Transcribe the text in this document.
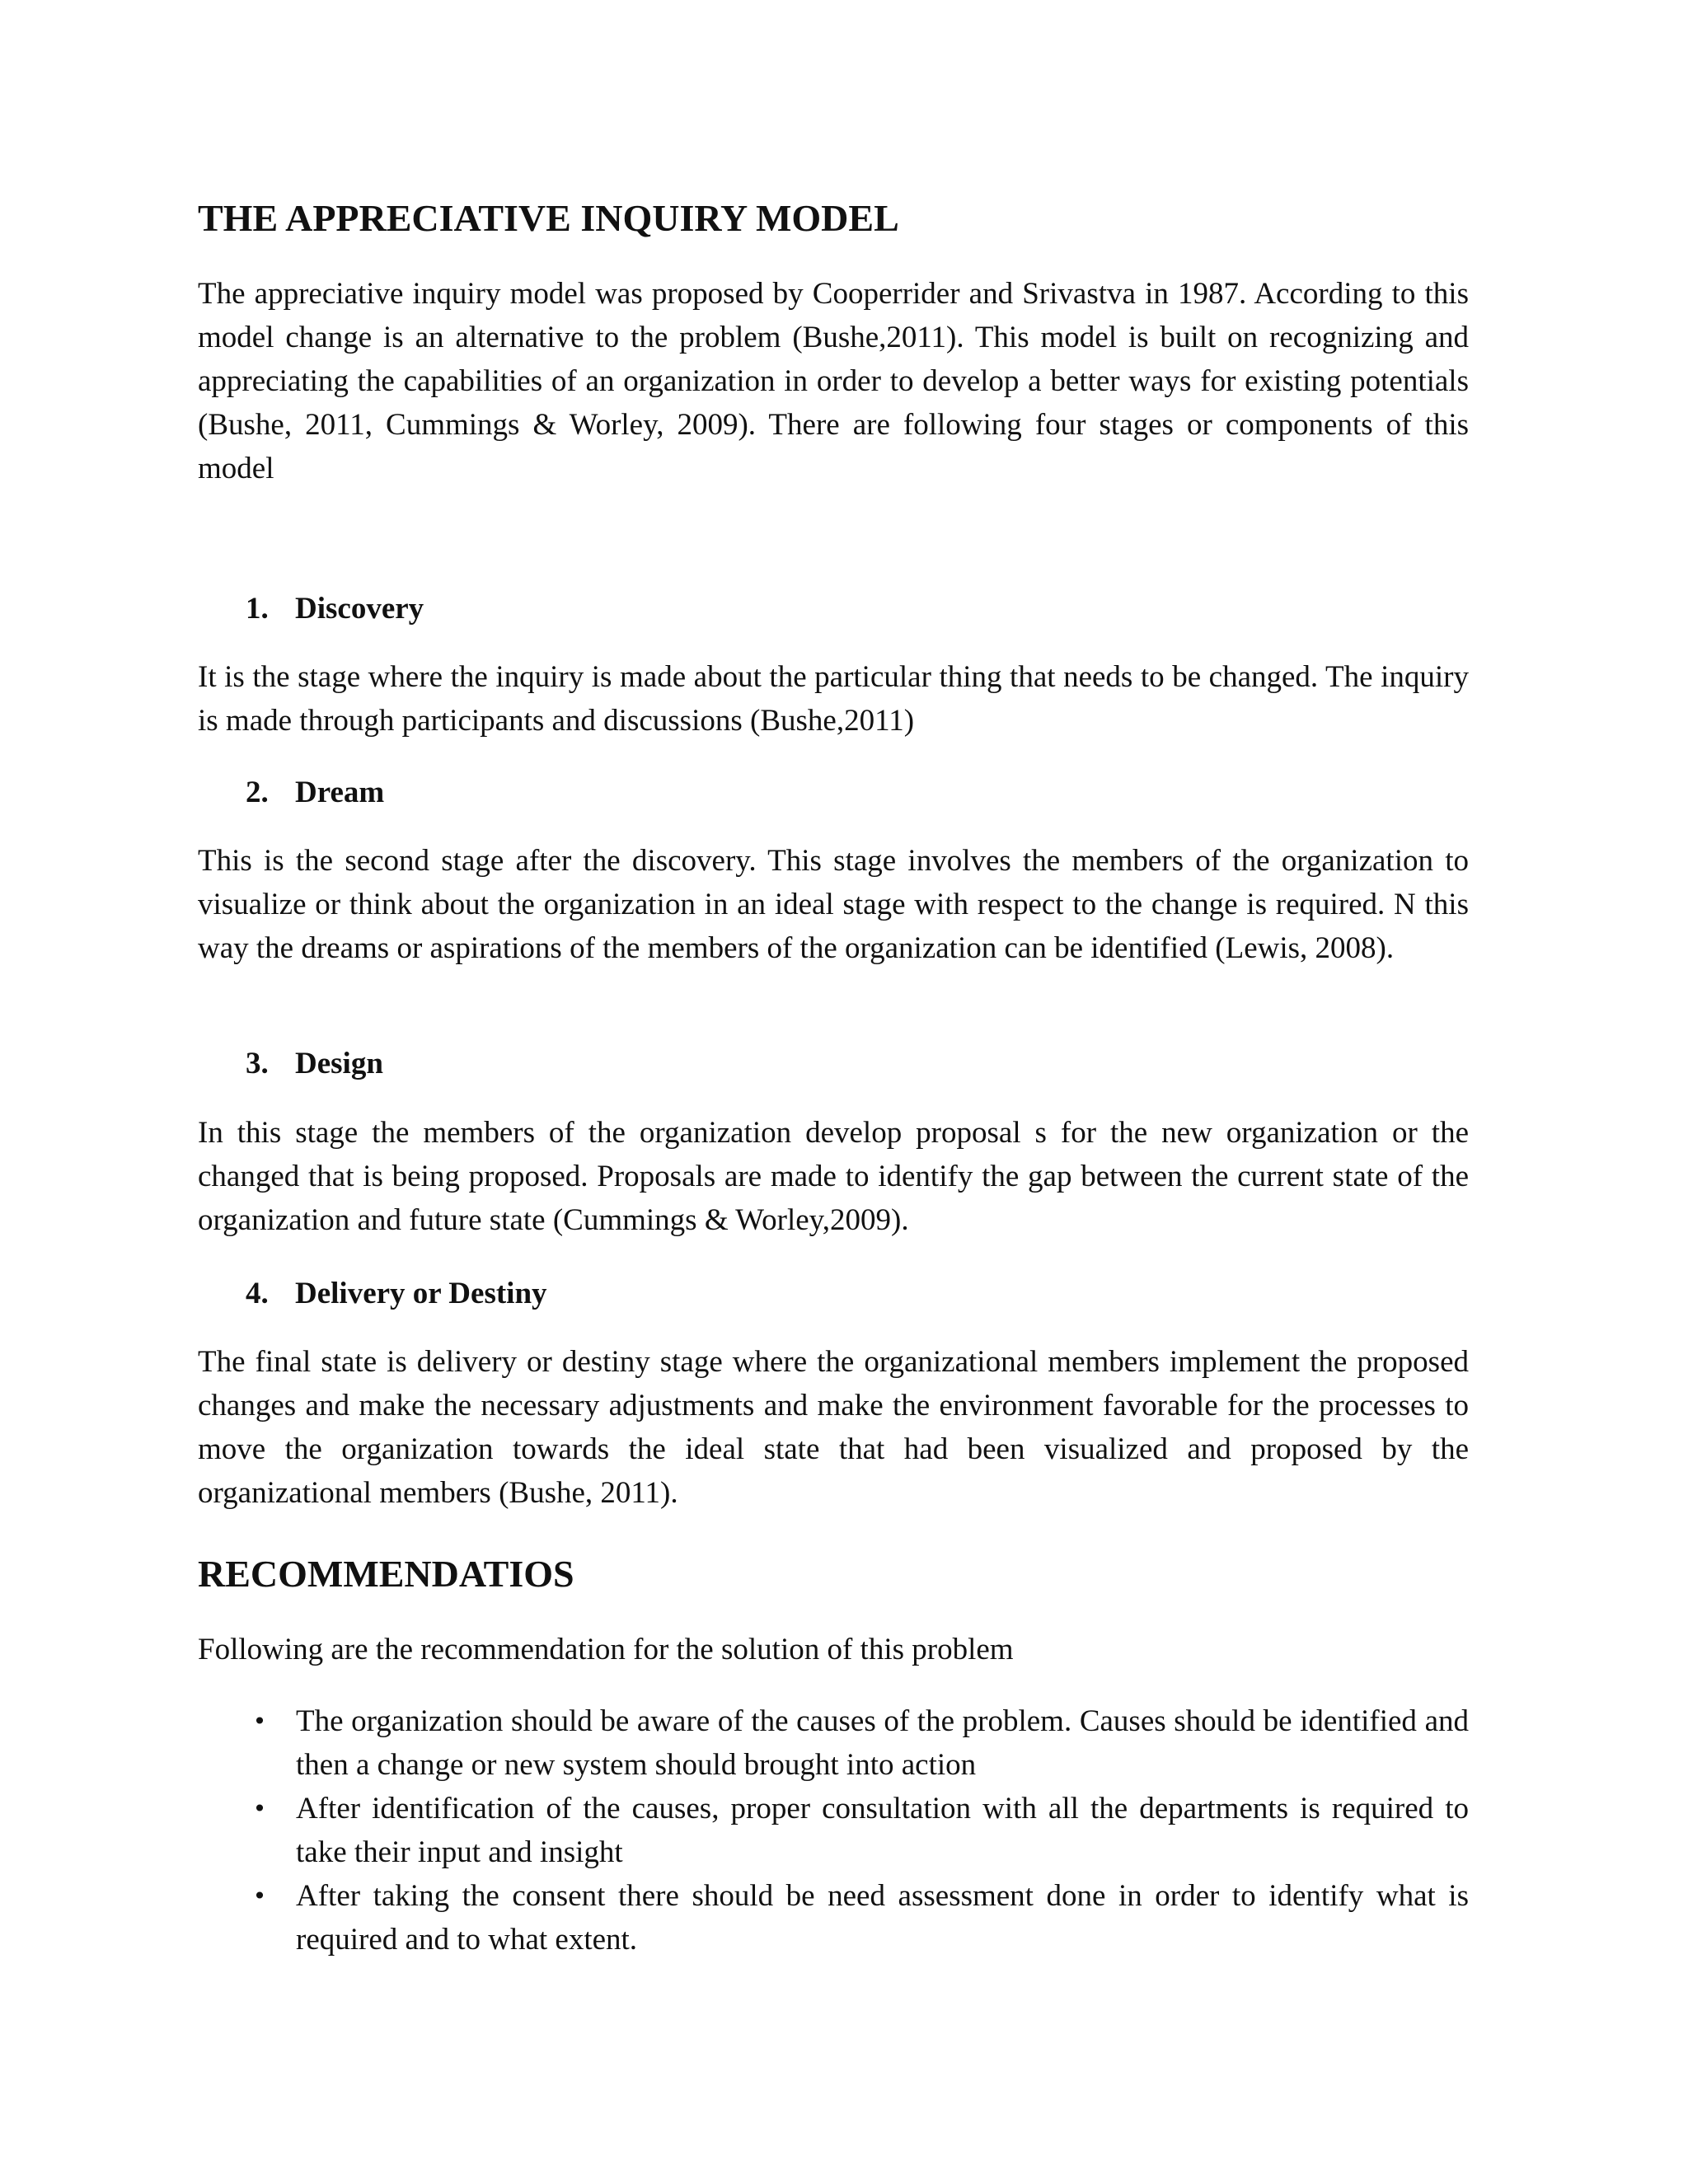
THE APPRECIATIVE INQUIRY MODEL

The appreciative inquiry model was proposed by Cooperrider and Srivastva in 1987. According to this model change is an alternative to the problem (Bushe,2011). This model is built on recognizing and appreciating the capabilities of an organization in order to develop a better ways for existing potentials (Bushe, 2011, Cummings & Worley, 2009). There are following four stages or components of this model

1. Discovery

It is the stage where the inquiry is made about the particular thing that needs to be changed. The inquiry is made through participants and discussions (Bushe,2011)

2. Dream

This is the second stage after the discovery. This stage involves the members of the organization to visualize or think about the organization in an ideal stage with respect to the change is required. N this way the dreams or aspirations of the members of the organization can be identified (Lewis, 2008).

3. Design

In this stage the members of the organization develop proposal s for the new organization or the changed that is being proposed. Proposals are made to identify the gap between the current state of the organization and future state (Cummings & Worley,2009).

4. Delivery or Destiny

The final state is delivery or destiny stage where the organizational members implement the proposed changes and make the necessary adjustments and make the environment favorable for the processes to move the organization towards the ideal state that had been visualized and proposed by the organizational members (Bushe, 2011).

RECOMMENDATIOS

Following are the recommendation for the solution of this problem

• The organization should be aware of the causes of the problem. Causes should be identified and then a change or new system should brought into action
• After identification of the causes, proper consultation with all the departments is required to take their input and insight
• After taking the consent there should be need assessment done in order to identify what is required and to what extent.
